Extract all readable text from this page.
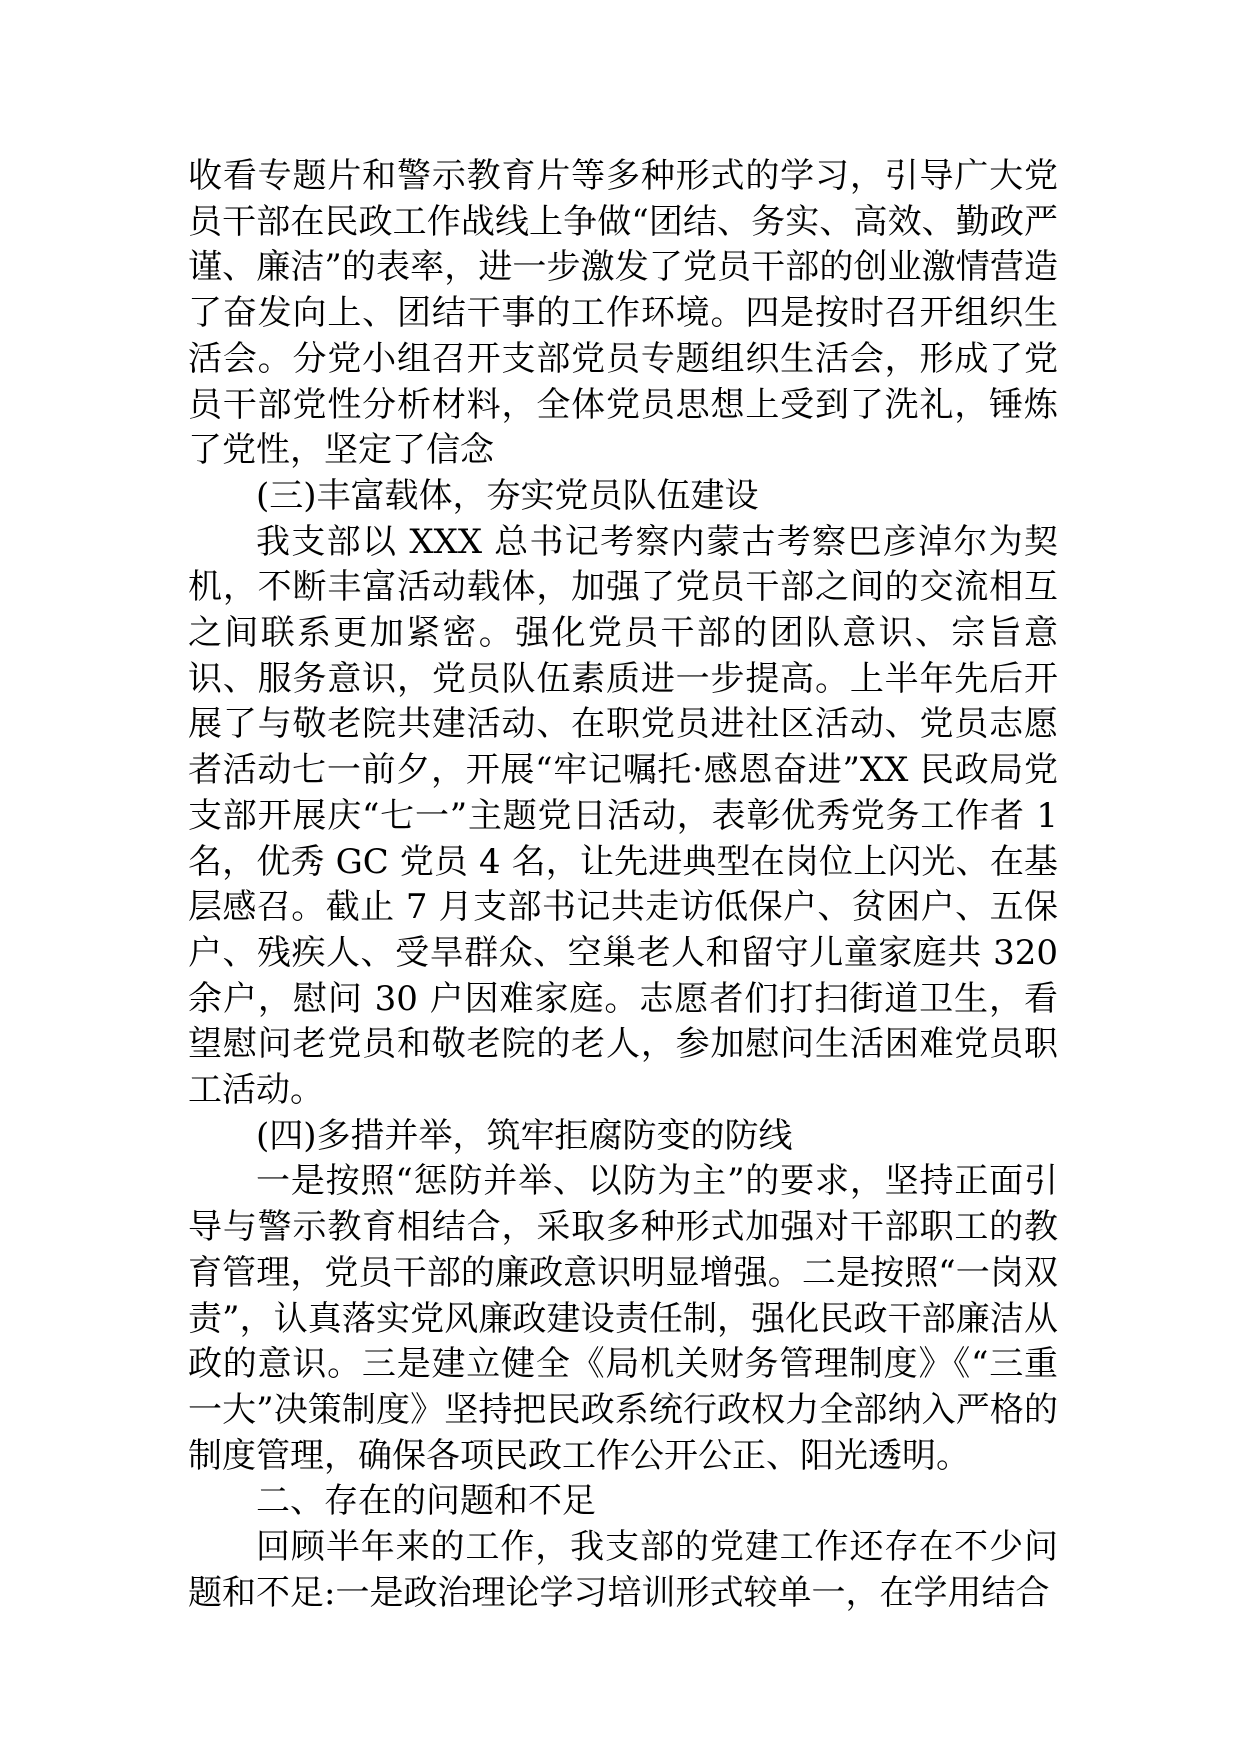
收看专题片和警示教育片等多种形式的学习，引导广大党员干部在民政工作战线上争做“团结、务实、高效、勤政严谨、廉洁”的表率，进一步激发了党员干部的创业激情营造了奋发向上、团结干事的工作环境。四是按时召开组织生活会。分党小组召开支部党员专题组织生活会，形成了党员干部党性分析材料，全体党员思想上受到了洗礼，锤炼了党性，坚定了信念

(三)丰富载体，夯实党员队伍建设

我支部以 XXX 总书记考察内蒙古考察巴彦淖尔为契机，不断丰富活动载体，加强了党员干部之间的交流相互之间联系更加紧密。强化党员干部的团队意识、宗旨意识、服务意识，党员队伍素质进一步提高。上半年先后开展了与敬老院共建活动、在职党员进社区活动、党员志愿者活动七一前夕，开展“牢记嘱托·感恩奋进”XX 民政局党支部开展庆“七一”主题党日活动，表彰优秀党务工作者 1 名，优秀 GC 党员 4 名，让先进典型在岗位上闪光、在基层感召。截止 7 月支部书记共走访低保户、贫困户、五保户、残疾人、受旱群众、空巢老人和留守儿童家庭共 320 余户，慰问 30 户因难家庭。志愿者们打扫街道卫生，看望慰问老党员和敬老院的老人，参加慰问生活困难党员职工活动。

(四)多措并举，筑牢拒腐防变的防线

一是按照“惩防并举、以防为主”的要求，坚持正面引导与警示教育相结合，采取多种形式加强对干部职工的教育管理，党员干部的廉政意识明显增强。二是按照“一岗双责”，认真落实党风廉政建设责任制，强化民政干部廉洁从政的意识。三是建立健全《局机关财务管理制度》《“三重一大”决策制度》坚持把民政系统行政权力全部纳入严格的制度管理，确保各项民政工作公开公正、阳光透明。

二、存在的问题和不足

回顾半年来的工作，我支部的党建工作还存在不少问题和不足:一是政治理论学习培训形式较单一，在学用结合
